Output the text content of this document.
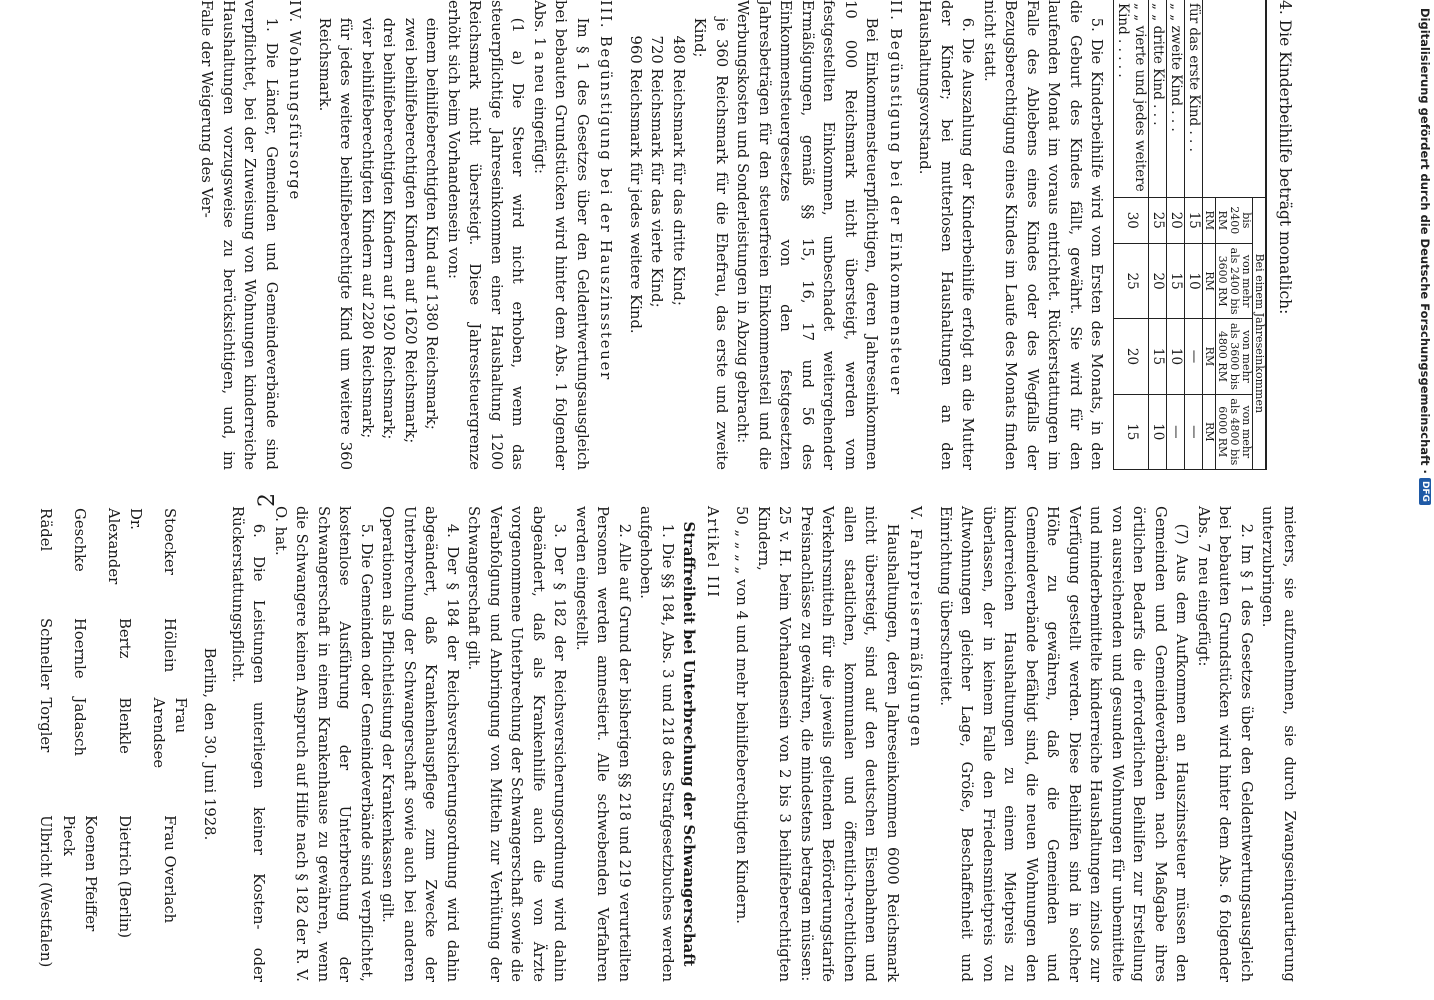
2

4. Die Kinderbeihilfe beträgt monatlich:

	Bei einem Jahreseinkommen			
	bis 2400 RM	von mehr als 2400 bis 3600 RM	von mehr als 3600 bis 4800 RM	von mehr als 4800 bis 6000 RM
	RM	RM	RM	RM
für das erste Kind . . .	15	10	—	—
„ „ zweite Kind . . .	20	15	10	—
„ „ dritte Kind . . .	25	20	15	10
„ „ vierte und jedes weitere Kind . . . . .	30	25	20	15

5. Die Kinderbeihilfe wird vom Ersten des Monats, in den die Geburt des Kindes fällt, gewährt. Sie wird für den laufenden Monat im voraus entrichtet. Rückerstattungen im Falle des Ablebens eines Kindes oder des Wegfalls der Bezugsberechtigung eines Kindes im Laufe des Monats finden nicht statt.

6. Die Auszahlung der Kinderbeihilfe erfolgt an die Mutter der Kinder; bei mutterlosen Haushaltungen an den Haushaltungsvorstand.

II. Begünstigung bei der Einkommensteuer

Bei Einkommensteuerpflichtigen, deren Jahreseinkommen 10 000 Reichsmark nicht übersteigt, werden vom festgestellten Einkommen, unbeschadet weitergehender Ermäßigungen, gemäß §§ 15, 16, 17 und 56 des Einkommensteuergesetzes von den festgesetzten Jahresbeträgen für den steuerfreien Einkommensteil und die Werbungskosten und Sonderleistungen in Abzug gebracht:

je 360 Reichsmark für die Ehefrau, das erste und zweite Kind;

480 Reichsmark für das dritte Kind;

720 Reichsmark für das vierte Kind;

960 Reichsmark für jedes weitere Kind.

III. Begünstigung bei der Hauszinssteuer

Im § 1 des Gesetzes über den Geldentwertungsausgleich bei bebauten Grundstücken wird hinter dem Abs. 1 folgender Abs. 1 a neu eingefügt:

(1 a) Die Steuer wird nicht erhoben, wenn das steuerpflichtige Jahreseinkommen einer Haushaltung 1200 Reichsmark nicht übersteigt. Diese Jahressteuergrenze erhöht sich beim Vorhandensein von:

einem beihilfeberechtigten Kind auf 1380 Reichsmark;

zwei beihilfeberechtigten Kindern auf 1620 Reichsmark;

drei beihilfeberechtigten Kindern auf 1920 Reichsmark;

vier beihilfeberechtigten Kindern auf 2280 Reichsmark;

für jedes weitere beihilfeberechtigte Kind um weitere 360 Reichsmark.

IV. Wohnungsfürsorge

1. Die Länder, Gemeinden und Gemeindeverbände sind verpflichtet, bei der Zuweisung von Wohnungen kinderreiche Haushaltungen vorzugsweise zu berücksichtigen, und, im Falle der Weigerung des Ver-

mieters, sie aufzunehmen, sie durch Zwangseinquartierung unterzubringen.

2. Im § 1 des Gesetzes über den Geldentwertungsausgleich bei bebauten Grundstücken wird hinter dem Abs. 6 folgender Abs. 7 neu eingefügt:

(7) Aus dem Aufkommen an Hauszinssteuer müssen den Gemeinden und Gemeindeverbänden nach Maßgabe ihres örtlichen Bedarfs die erforderlichen Beihilfen zur Erstellung von ausreichenden und gesunden Wohnungen für unbemittelte und minderbemittelte kinderreiche Haushaltungen zinslos zur Verfügung gestellt werden. Diese Beihilfen sind in solcher Höhe zu gewähren, daß die Gemeinden und Gemeindeverbände befähigt sind, die neuen Wohnungen den kinderreichen Haushaltungen zu einem Mietpreis zu überlassen, der in keinem Falle den Friedensmietpreis von Altwohnungen gleicher Lage, Größe, Beschaffenheit und Einrichtung überschreitet.

V. Fahrpreisermäßigungen

Haushaltungen, deren Jahreseinkommen 6000 Reichsmark nicht übersteigt, sind auf den deutschen Eisenbahnen und allen staatlichen, kommunalen und öffentlich-rechtlichen Verkehrsmitteln für die jeweils geltenden Beförderungstarife Preisnachlässe zu gewähren, die mindestens betragen müssen:

25 v. H. beim Vorhandensein von 2 bis 3 beihilfeberechtigten Kindern,

50 „ „ „ „ von 4 und mehr beihilfeberechtigten Kindern.

Artikel III

Straffreiheit bei Unterbrechung der Schwangerschaft

1. Die §§ 184, Abs. 3 und 218 des Strafgesetzbuches werden aufgehoben.

2. Alle auf Grund der bisherigen §§ 218 und 219 verurteilten Personen werden amnestiert. Alle schwebenden Verfahren werden eingestellt.

3. Der § 182 der Reichsversicherungsordnung wird dahin abgeändert, daß als Krankenhilfe auch die von Ärzte vorgenommene Unterbrechung der Schwangerschaft sowie die Verabfolgung und Anbringung von Mitteln zur Verhütung der Schwangerschaft gilt.

4. Der § 184 der Reichsversicherungsordnung wird dahin abgeändert, daß Krankenhauspflege zum Zwecke der Unterbrechung der Schwangerschaft sowie auch bei anderen Operationen als Pflichtleistung der Krankenkassen gilt.

5. Die Gemeinden oder Gemeindeverbände sind verpflichtet, kostenlose Ausführung der Unterbrechung der Schwangerschaft in einem Krankenhause zu gewähren, wenn die Schwangere keinen Anspruch auf Hilfe nach § 182 der R. V. O. hat.

6. Die Leistungen unterliegen keiner Kosten- oder Rückerstattungspflicht.

Berlin, den 30. Juni 1928.

Stoecker	Höllein	Frau Arendsee	Frau Overlach
Dr. Alexander	Bertz	Blenkle	Dietrich (Berlin)
Geschke	Hoernle	Jadasch	Koenen Pfeiffer Pieck
Rädel	Schneller	Torgler	Ulbricht (Westfalen)
Digitalisierung gefördert durch die Deutsche Forschungsgemeinschaft ·
DFG
